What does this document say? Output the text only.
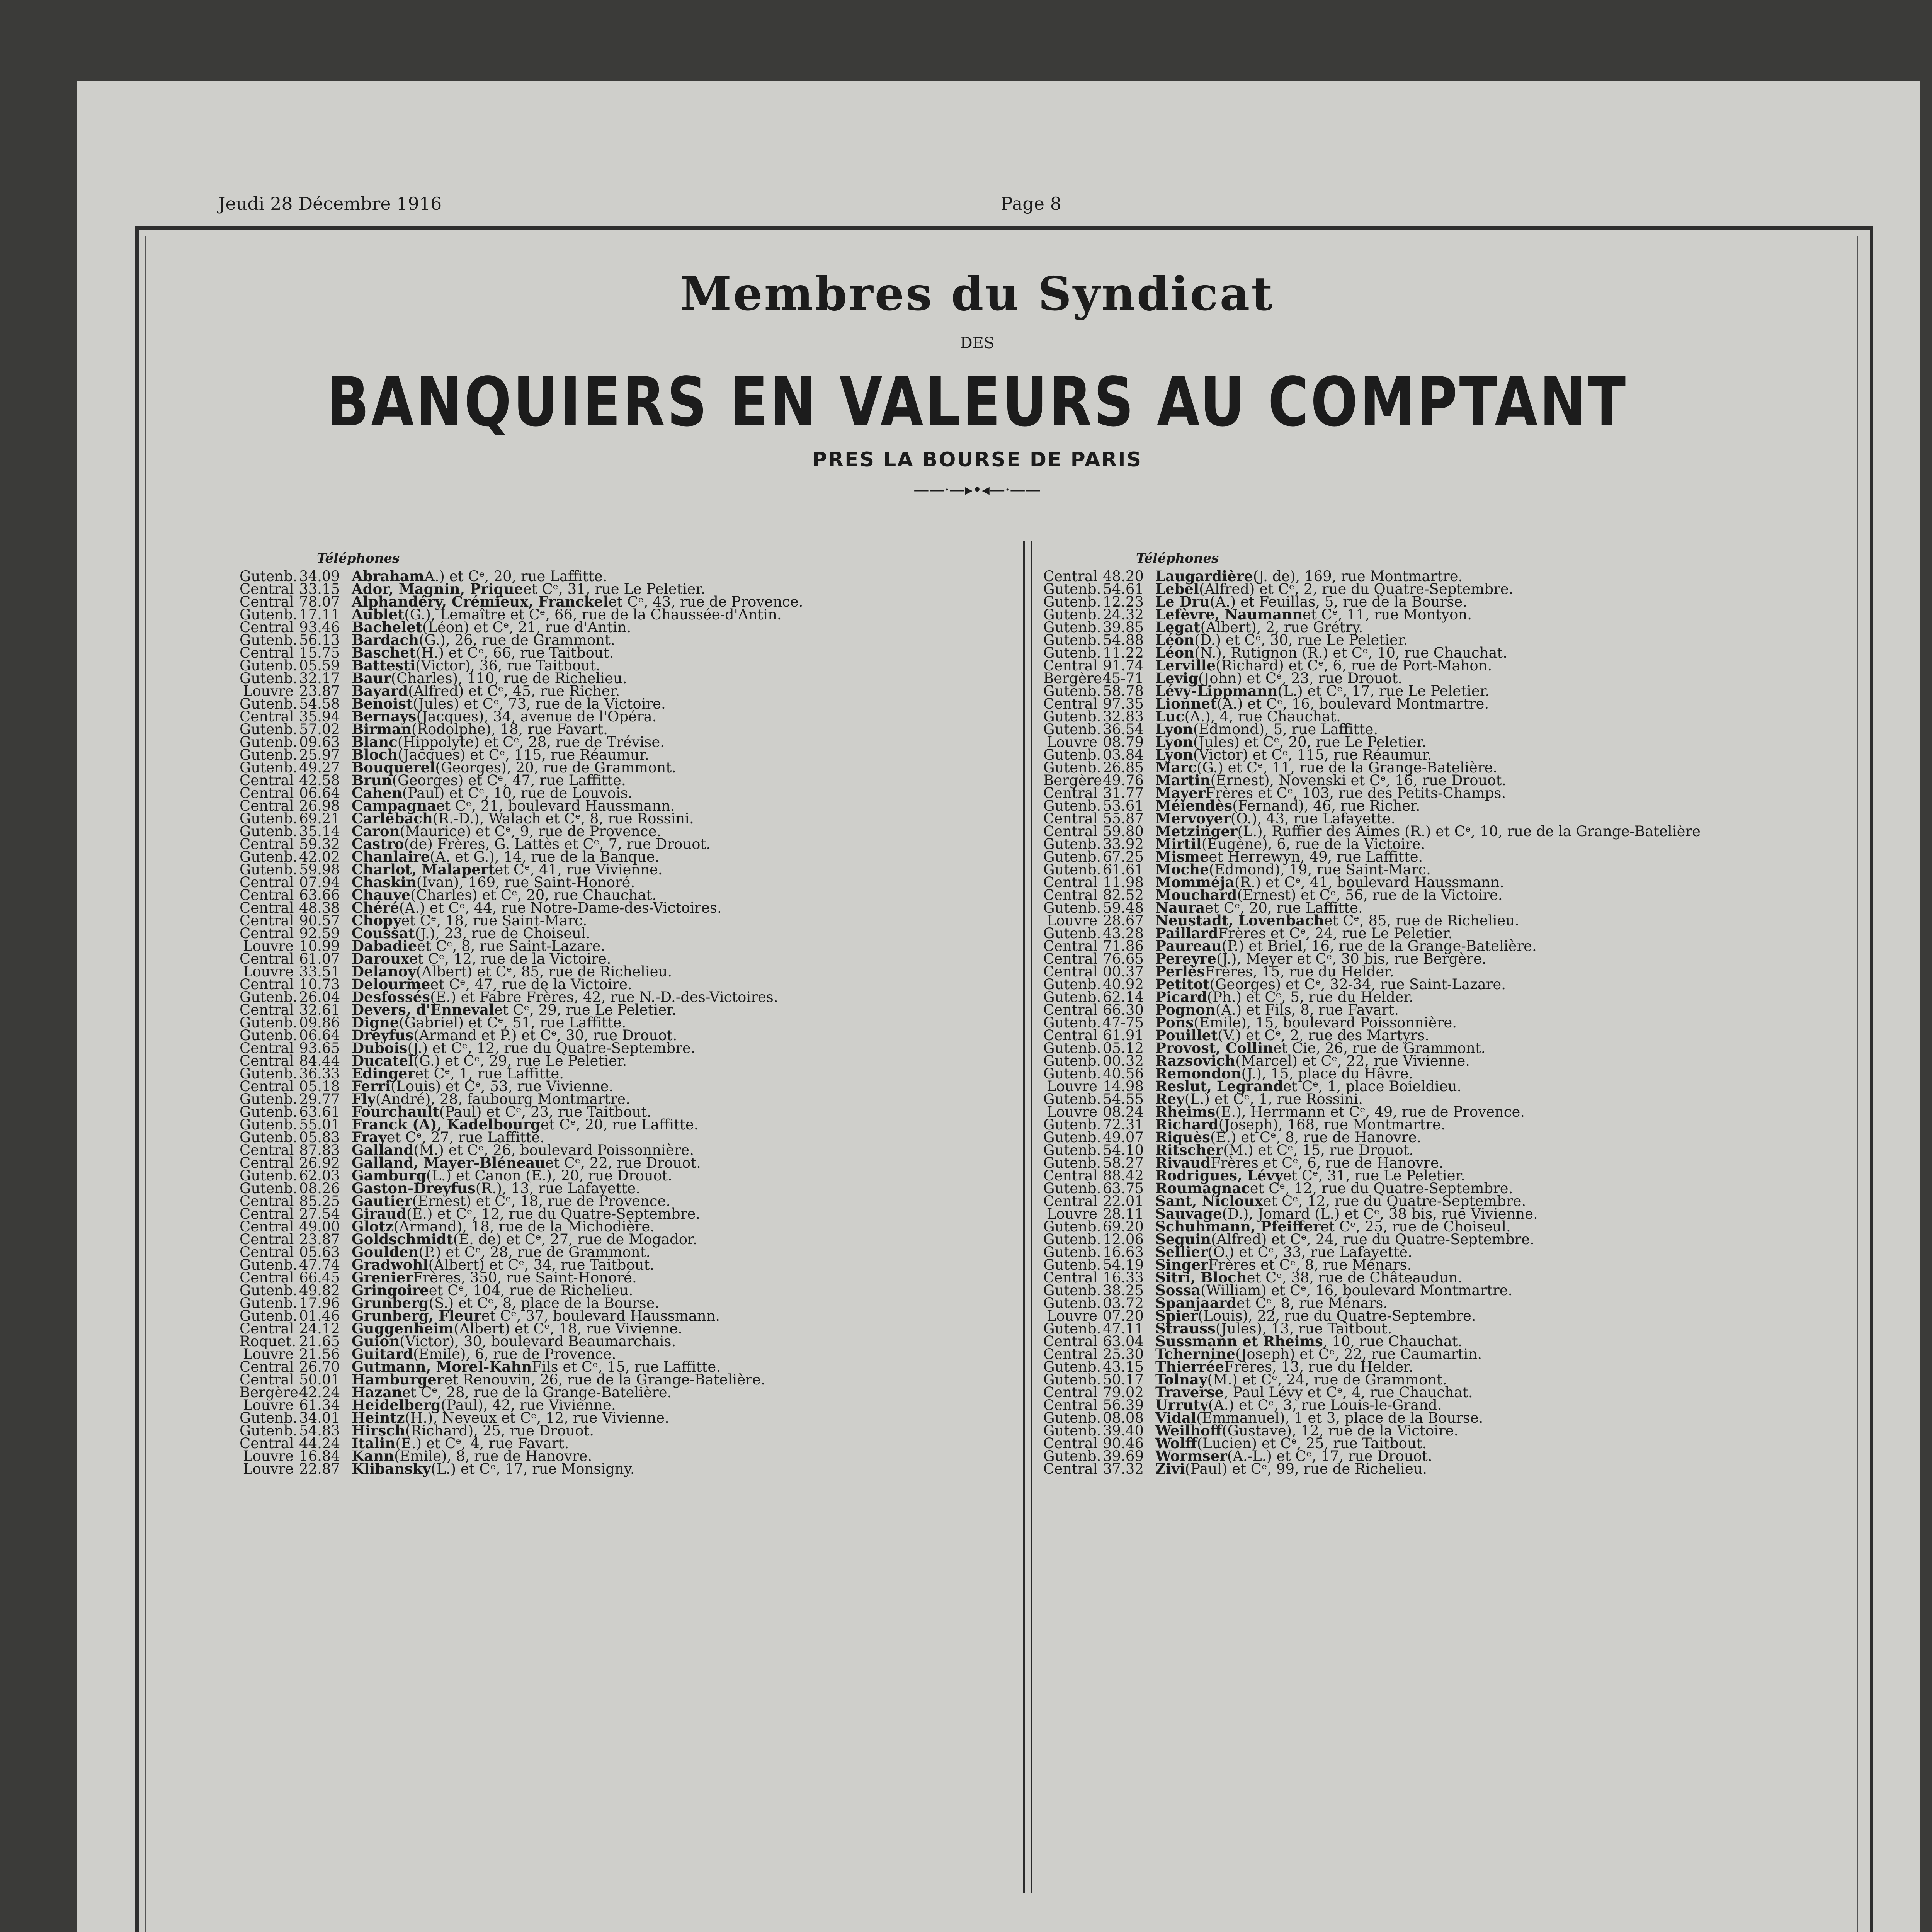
Jeudi 28 Décembre 1916	Page 8
Membres du Syndicat
DES
BANQUIERS EN VALEURS AU COMPTANT
PRES LA BOURSE DE PARIS
——·—▸•◂—·——
Téléphones	Téléphones
Gutenb. 34.09 Abraham A.) et Cᵉ, 20, rue Laffitte.
Central 33.15 Ador, Magnin, Prique et Cᵉ, 31, rue Le Peletier.
Central 78.07 Alphandéry, Crémieux, Franckel et Cᵉ, 43, rue de Provence.
Gutenb. 17.11 Aublet (G.), Lemaître et Cᵉ, 66, rue de la Chaussée-d'Antin.
Central 93.46 Bachelet (Léon) et Cᵉ, 21, rue d'Antin.
Gutenb. 56.13 Bardach (G.), 26, rue de Grammont.
Central 15.75 Baschet (H.) et Cᵉ, 66, rue Taitbout.
Gutenb. 05.59 Battesti (Victor), 36, rue Taitbout.
Gutenb. 32.17 Baur (Charles), 110, rue de Richelieu.
Louvre 23.87 Bayard (Alfred) et Cᵉ, 45, rue Richer.
Gutenb. 54.58 Benoist (Jules) et Cᵉ, 73, rue de la Victoire.
Central 35.94 Bernays (Jacques), 34, avenue de l'Opéra.
Gutenb. 57.02 Birman (Rodolphe), 18, rue Favart.
Gutenb. 09.63 Blanc (Hippolyte) et Cᵉ, 28, rue de Trévise.
Gutenb. 25.97 Bloch (Jacques) et Cᵉ, 115, rue Réaumur.
Gutenb. 49.27 Bouquerel (Georges), 20, rue de Grammont.
Central 42.58 Brun (Georges) et Cᵉ, 47, rue Laffitte.
Central 06.64 Cahen (Paul) et Cᵉ, 10, rue de Louvois.
Central 26.98 Campagna et Cᵉ, 21, boulevard Haussmann.
Gutenb. 69.21 Carlebach (R.-D.), Walach et Cᵉ, 8, rue Rossini.
Gutenb. 35.14 Caron (Maurice) et Cᵉ, 9, rue de Provence.
Central 59.32 Castro (de) Frères, G. Lattès et Cᵉ, 7, rue Drouot.
Gutenb. 42.02 Chanlaire (A. et G.), 14, rue de la Banque.
Gutenb. 59.98 Charlot, Malapert et Cᵉ, 41, rue Vivienne.
Central 07.94 Chaskin (Ivan), 169, rue Saint-Honoré.
Central 63.66 Chauve (Charles) et Cᵉ, 20, rue Chauchat.
Central 48.38 Chéré (A.) et Cᵉ, 44, rue Notre-Dame-des-Victoires.
Central 90.57 Chopy et Cᵉ, 18, rue Saint-Marc.
Central 92.59 Coussat (J.), 23, rue de Choiseul.
Louvre 10.99 Dabadie et Cᵉ, 8, rue Saint-Lazare.
Central 61.07 Daroux et Cᵉ, 12, rue de la Victoire.
Louvre 33.51 Delanoy (Albert) et Cᵉ, 85, rue de Richelieu.
Central 10.73 Delourme et Cᵉ, 47, rue de la Victoire.
Gutenb. 26.04 Desfossés (E.) et Fabre Frères, 42, rue N.-D.-des-Victoires.
Central 32.61 Devers, d'Enneval et Cᵉ, 29, rue Le Peletier.
Gutenb. 09.86 Digne (Gabriel) et Cᵉ, 51, rue Laffitte.
Gutenb. 06.64 Dreyfus (Armand et P.) et Cᵉ, 30, rue Drouot.
Central 93.65 Dubois (J.) et Cᵉ, 12, rue du Quatre-Septembre.
Central 84.44 Ducatel (G.) et Cᵉ, 29, rue Le Peletier.
Gutenb. 36.33 Edinger et Cᵉ, 1, rue Laffitte.
Central 05.18 Ferri (Louis) et Cᵉ, 53, rue Vivienne.
Gutenb. 29.77 Fly (André), 28, faubourg Montmartre.
Gutenb. 63.61 Fourchault (Paul) et Cᵉ, 23, rue Taitbout.
Gutenb. 55.01 Franck (A), Kadelbourg et Cᵉ, 20, rue Laffitte.
Gutenb. 05.83 Fray et Cᵉ, 27, rue Laffitte.
Central 87.83 Galland (M.) et Cᵉ, 26, boulevard Poissonnière.
Central 26.92 Galland, Mayer-Bléneau et Cᵉ, 22, rue Drouot.
Gutenb. 62.03 Gamburg (L.) et Canon (E.), 20, rue Drouot.
Gutenb. 08.26 Gaston-Dreyfus (R.), 13, rue Lafayette.
Central 85.25 Gautier (Ernest) et Cᵉ, 18, rue de Provence.
Central 27.54 Giraud (E.) et Cᵉ, 12, rue du Quatre-Septembre.
Central 49.00 Glotz (Armand), 18, rue de la Michodière.
Central 23.87 Goldschmidt (E. de) et Cᵉ, 27, rue de Mogador.
Central 05.63 Goulden (P.) et Cᵉ, 28, rue de Grammont.
Gutenb. 47.74 Gradwohl (Albert) et Cᵉ, 34, rue Taitbout.
Central 66.45 Grenier Frères, 350, rue Saint-Honoré.
Gutenb. 49.82 Gringoire et Cᵉ, 104, rue de Richelieu.
Gutenb. 17.96 Grunberg (S.) et Cᵉ, 8, place de la Bourse.
Gutenb. 01.46 Grunberg, Fleur et Cᵉ, 37, boulevard Haussmann.
Central 24.12 Guggenheim (Albert) et Cᵉ, 18, rue Vivienne.
Roquet. 21.65 Guion (Victor), 30, boulevard Beaumarchais.
Louvre 21.56 Guitard (Emile), 6, rue de Provence.
Central 26.70 Gutmann, Morel-Kahn Fils et Cᵉ, 15, rue Laffitte.
Central 50.01 Hamburger et Renouvin, 26, rue de la Grange-Batelière.
Bergère 42.24 Hazan et Cᵉ, 28, rue de la Grange-Batelière.
Louvre 61.34 Heidelberg (Paul), 42, rue Vivienne.
Gutenb. 34.01 Heintz (H.), Neveux et Cᵉ, 12, rue Vivienne.
Gutenb. 54.83 Hirsch (Richard), 25, rue Drouot.
Central 44.24 Italin (E.) et Cᵉ, 4, rue Favart.
Louvre 16.84 Kann (Emile), 8, rue de Hanovre.
Louvre 22.87 Klibansky (L.) et Cᵉ, 17, rue Monsigny.
Central 48.20 Laugardière (J. de), 169, rue Montmartre.
Gutenb. 54.61 Lebel (Alfred) et Cᵉ, 2, rue du Quatre-Septembre.
Gutenb. 12.23 Le Dru (A.) et Feuillas, 5, rue de la Bourse.
Gutenb. 24.32 Lefèvre, Naumann et Cᵉ, 11, rue Montyon.
Gutenb. 39.85 Legat (Albert), 2, rue Grétry.
Gutenb. 54.88 Léon (D.) et Cᵉ, 30, rue Le Peletier.
Gutenb. 11.22 Léon (N.), Rutignon (R.) et Cᵉ, 10, rue Chauchat.
Central 91.74 Lerville (Richard) et Cᵉ, 6, rue de Port-Mahon.
Bergère 45-71 Levig (John) et Cᵉ, 23, rue Drouot.
Gutenb. 58.78 Lévy-Lippmann (L.) et Cᵉ, 17, rue Le Peletier.
Central 97.35 Lionnet (A.) et Cᵉ, 16, boulevard Montmartre.
Gutenb. 32.83 Luc (A.), 4, rue Chauchat.
Gutenb. 36.54 Lyon (Edmond), 5, rue Laffitte.
Louvre 08.79 Lyon (Jules) et Cᵉ, 20, rue Le Peletier.
Gutenb. 03.84 Lyon (Victor) et Cᵉ, 115, rue Réaumur.
Gutenb. 26.85 Marc (G.) et Cᵉ, 11, rue de la Grange-Batelière.
Bergère 49.76 Martin (Ernest), Novenski et Cᵉ, 16, rue Drouot.
Central 31.77 Mayer Frères et Cᵉ, 103, rue des Petits-Champs.
Gutenb. 53.61 Méiendès (Fernand), 46, rue Richer.
Central 55.87 Mervoyer (O.), 43, rue Lafayette.
Central 59.80 Metzinger (L.), Ruffier des Aimes (R.) et Cᵉ, 10, rue de la Grange-Batelière
Gutenb. 33.92 Mirtil (Eugène), 6, rue de la Victoire.
Gutenb. 67.25 Misme et Herrewyn, 49, rue Laffitte.
Gutenb. 61.61 Moche (Edmond), 19, rue Saint-Marc.
Central 11.98 Momméja (R.) et Cᵉ, 41, boulevard Haussmann.
Central 82.52 Mouchard (Ernest) et Cᵉ, 56, rue de la Victoire.
Gutenb. 59.48 Naura et Cᵉ, 20, rue Laffitte.
Louvre 28.67 Neustadt, Lovenbach et Cᵉ, 85, rue de Richelieu.
Gutenb. 43.28 Paillard Frères et Cᵉ, 24, rue Le Peletier.
Central 71.86 Paureau (P.) et Briel, 16, rue de la Grange-Batelière.
Central 76.65 Pereyre (J.), Meyer et Cᵉ, 30 bis, rue Bergère.
Central 00.37 Perlès Frères, 15, rue du Helder.
Gutenb. 40.92 Petitot (Georges) et Cᵉ, 32-34, rue Saint-Lazare.
Gutenb. 62.14 Picard (Ph.) et Cᵉ, 5, rue du Helder.
Central 66.30 Pognon (A.) et Fils, 8, rue Favart.
Gutenb. 47-75 Pons (Emile), 15, boulevard Poissonnière.
Central 61.91 Pouillet (V.) et Cᵉ, 2, rue des Martyrs.
Gutenb. 05.12 Provost, Collin et Cie, 26, rue de Grammont.
Gutenb. 00.32 Razsovich (Marcel) et Cᵉ, 22, rue Vivienne.
Gutenb. 40.56 Remondon (J.), 15, place du Hâvre.
Louvre 14.98 Reslut, Legrand et Cᵉ, 1, place Boieldieu.
Gutenb. 54.55 Rey (L.) et Cᵉ, 1, rue Rossini.
Louvre 08.24 Rheims (E.), Herrmann et Cᵉ, 49, rue de Provence.
Gutenb. 72.31 Richard (Joseph), 168, rue Montmartre.
Gutenb. 49.07 Riquès (E.) et Cᵉ, 8, rue de Hanovre.
Gutenb. 54.10 Ritscher (M.) et Cᵉ, 15, rue Drouot.
Gutenb. 58.27 Rivaud Frères et Cᵉ, 6, rue de Hanovre.
Central 88.42 Rodrigues, Lévy et Cᵉ, 31, rue Le Peletier.
Gutenb. 63.75 Roumagnac et Cᵉ, 12, rue du Quatre-Septembre.
Central 22.01 Sant, Nicloux et Cᵉ, 12, rue du Quatre-Septembre.
Louvre 28.11 Sauvage (D.), Jomard (L.) et Cᵉ, 38 bis, rue Vivienne.
Gutenb. 69.20 Schuhmann, Pfeiffer et Cᵉ, 25, rue de Choiseul.
Gutenb. 12.06 Seguin (Alfred) et Cᵉ, 24, rue du Quatre-Septembre.
Gutenb. 16.63 Sellier (O.) et Cᵉ, 33, rue Lafayette.
Gutenb. 54.19 Singer Frères et Cᵉ, 8, rue Ménars.
Central 16.33 Sitri, Bloch et Cᵉ, 38, rue de Châteaudun.
Gutenb. 38.25 Sossa (William) et Cᵉ, 16, boulevard Montmartre.
Gutenb. 03.72 Spanjaard et Cᵉ, 8, rue Ménars.
Louvre 07.20 Spier (Louis), 22, rue du Quatre-Septembre.
Gutenb. 47.11 Strauss (Jules), 13, rue Taitbout.
Central 63.04 Sussmann et Rheims , 10, rue Chauchat.
Central 25.30 Tchernine (Joseph) et Cᵉ, 22, rue Caumartin.
Gutenb. 43.15 Thierrée Frères, 13, rue du Helder.
Gutenb. 50.17 Tolnay (M.) et Cᵉ, 24, rue de Grammont.
Central 79.02 Traverse , Paul Lévy et Cᵉ, 4, rue Chauchat.
Central 56.39 Urruty (A.) et Cᵉ, 3, rue Louis-le-Grand.
Gutenb. 08.08 Vidal (Emmanuel), 1 et 3, place de la Bourse.
Gutenb. 39.40 Weilhoff (Gustave), 12, rue de la Victoire.
Central 90.46 Wolff (Lucien) et Cᵉ, 25, rue Taitbout.
Gutenb. 39.69 Wormser (A.-L.) et Cᵉ, 17, rue Drouot.
Central 37.32 Zivi (Paul) et Cᵉ, 99, rue de Richelieu.
